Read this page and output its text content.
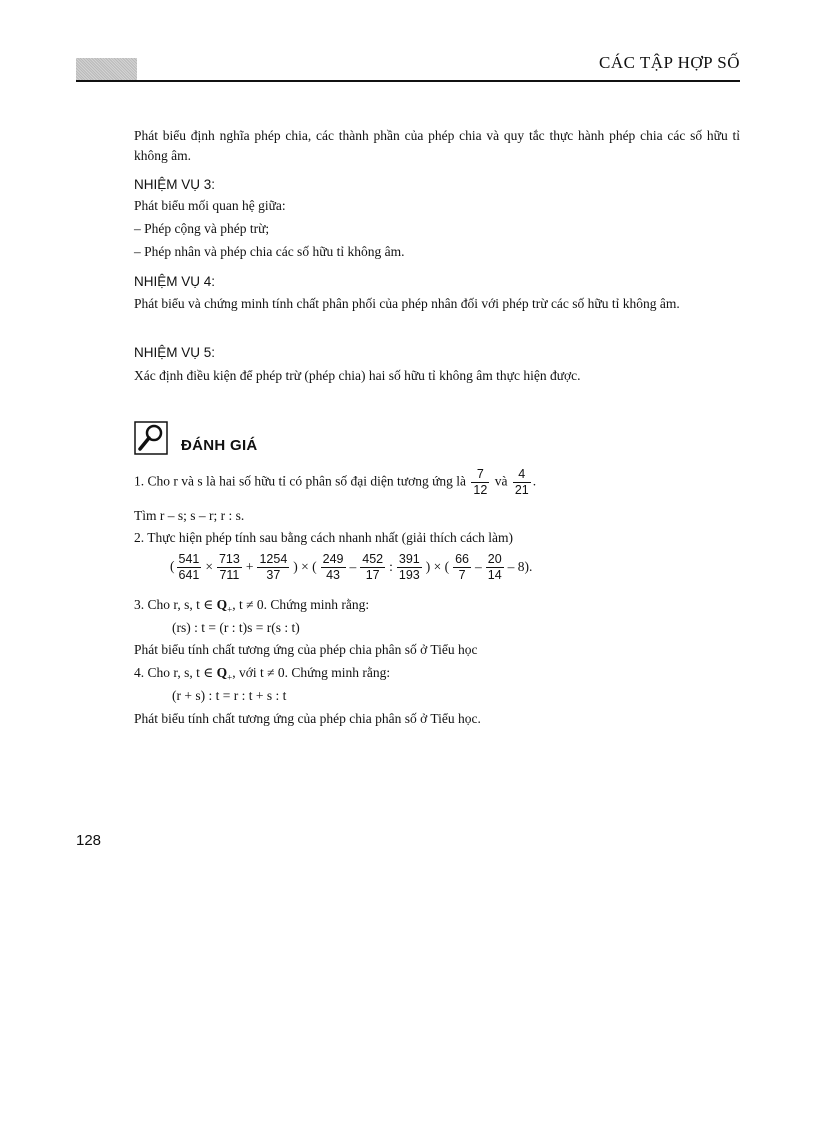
CÁC TẬP HỢP SỐ
Phát biểu định nghĩa phép chia, các thành phần của phép chia và quy tắc thực hành phép chia các số hữu tỉ không âm.
NHIỆM VỤ 3:
Phát biểu mối quan hệ giữa:
– Phép cộng và phép trừ;
– Phép nhân và phép chia các số hữu tỉ không âm.
NHIỆM VỤ 4:
Phát biểu và chứng minh tính chất phân phối của phép nhân đối với phép trừ các số hữu tỉ không âm.
NHIỆM VỤ 5:
Xác định điều kiện để phép trừ (phép chia) hai số hữu tỉ không âm thực hiện được.
ĐÁNH GIÁ
1. Cho r và s là hai số hữu tỉ có phân số đại diện tương ứng là $\frac{7}{12}$ và $\frac{4}{21}$ .
Tìm r – s; s – r; r : s.
2. Thực hiện phép tính sau bằng cách nhanh nhất (giải thích cách làm)
( $\frac{541}{641} \times \frac{713}{711} + \frac{1254}{37}$ ) × ( $\frac{249}{43} - \frac{452}{17}$ : $\frac{391}{193}$ ) × ( $\frac{66}{7} - \frac{20}{14} - 8$).
3. Cho r, s, t ∈ $Q_+$, t ≠ 0. Chứng minh rằng:
(rs) : t = (r : t)s = r(s : t)
Phát biểu tính chất tương ứng của phép chia phân số ở Tiểu học
4. Cho r, s, t ∈ $Q_+$, với t ≠ 0. Chứng minh rằng:
(r + s) : t = r : t + s : t
Phát biểu tính chất tương ứng của phép chia phân số ở Tiểu học.
128
